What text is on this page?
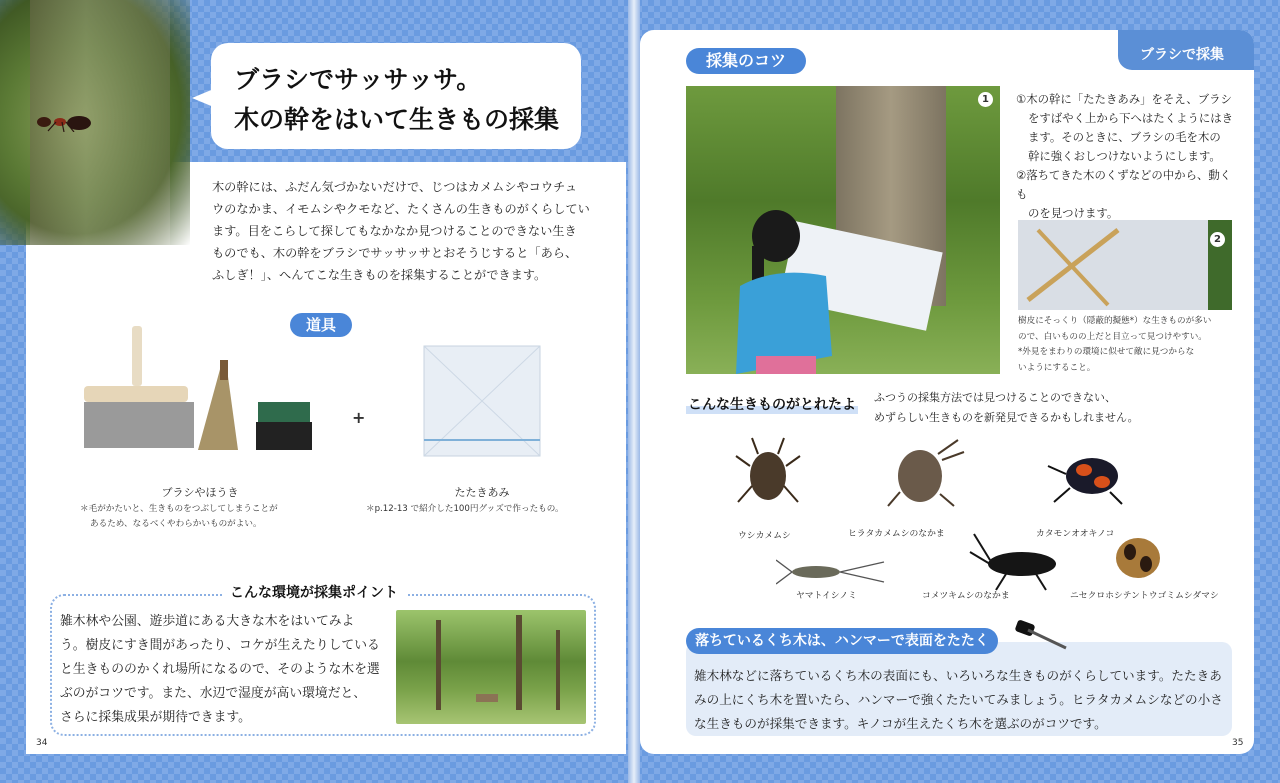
ブラシでサッサッサ。
木の幹をはいて生きもの採集
木の幹には、ふだん気づかないだけで、じつはカメムシやコウチュ
ウのなかま、イモムシやクモなど、たくさんの生きものがくらしてい
ます。目をこらして探してもなかなか見つけることのできない生き
ものでも、木の幹をブラシでサッサッサとおそうじすると「あら、
ふしぎ！」、へんてこな生きものを採集することができます。
道具
+
ブラシやほうき
＊毛がかたいと、生きものをつぶしてしまうことが
あるため、なるべくやわらかいものがよい。
たたきあみ
＊p.12-13 で紹介した100円グッズで作ったもの。
こんな環境が採集ポイント
雑木林や公園、遊歩道にある大きな木をはいてみよ
う。樹皮にすき間があったり、コケが生えたりしている
と生きもののかくれ場所になるので、そのような木を選
ぶのがコツです。また、水辺で湿度が高い環境だと、
さらに採集成果が期待できます。
34
ブラシで採集
採集のコツ
1	①木の幹に「たたきあみ」をそえ、ブラシ
をすばやく上から下へはたくようにはき
ます。そのときに、ブラシの毛を木の
幹に強くおしつけないようにします。
②落ちてきた木のくずなどの中から、動くも
のを見つけます。
2
樹皮にそっくり（隠蔽的擬態*）な生きものが多い
ので、白いものの上だと目立って見つけやすい。
*外見をまわりの環境に似せて敵に見つからな
いようにすること。
こんな生きものがとれたよ ふつうの採集方法では見つけることのできない、
めずらしい生きものを新発見できるかもしれません。
ウシカメムシ	ヒラタカメムシのなかま	カタモンオオキノコ
ヤマトイシノミ	コメツキムシのなかま	ニセクロホシテントウゴミムシダマシ
落ちているくち木は、ハンマーで表面をたたく
雑木林などに落ちているくち木の表面にも、いろいろな生きものがくらしています。たたきあ
みの上にくち木を置いたら、ハンマーで強くたたいてみましょう。ヒラタカメムシなどの小さ
な生きものが採集できます。キノコが生えたくち木を選ぶのがコツです。
35
